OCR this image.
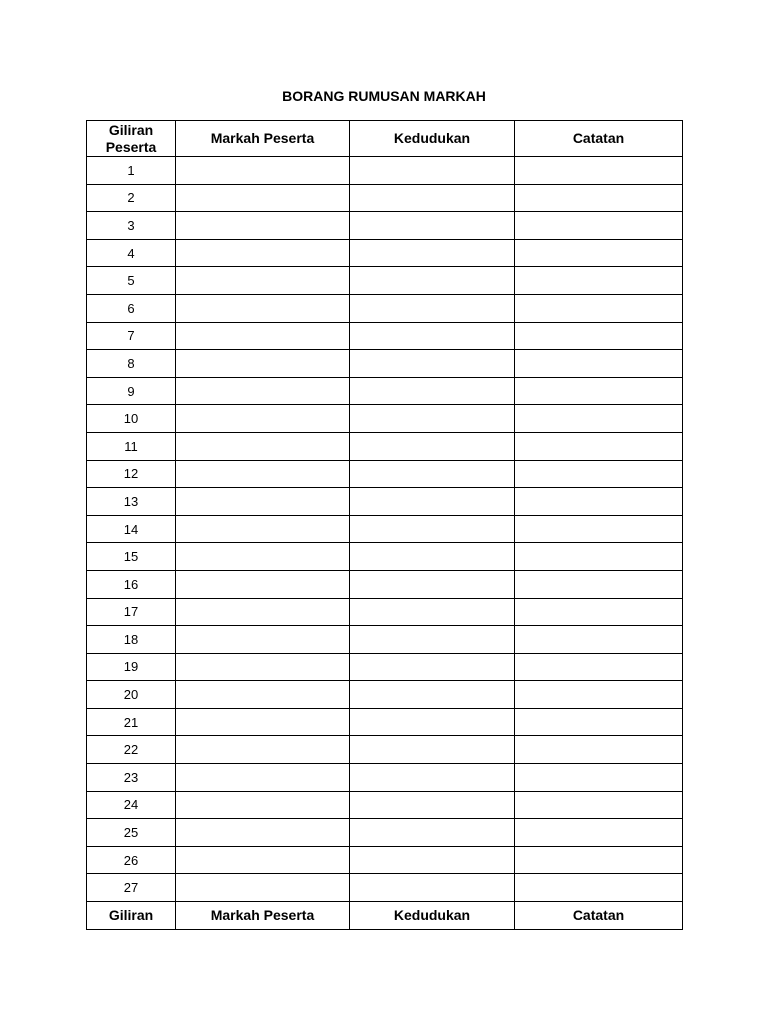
BORANG RUMUSAN MARKAH
Giliran Peserta	Markah Peserta	Kedudukan	Catatan
1			
2			
3			
4			
5			
6			
7			
8			
9			
10			
11			
12			
13			
14			
15			
16			
17			
18			
19			
20			
21			
22			
23			
24			
25			
26			
27			
Giliran	Markah Peserta	Kedudukan	Catatan
